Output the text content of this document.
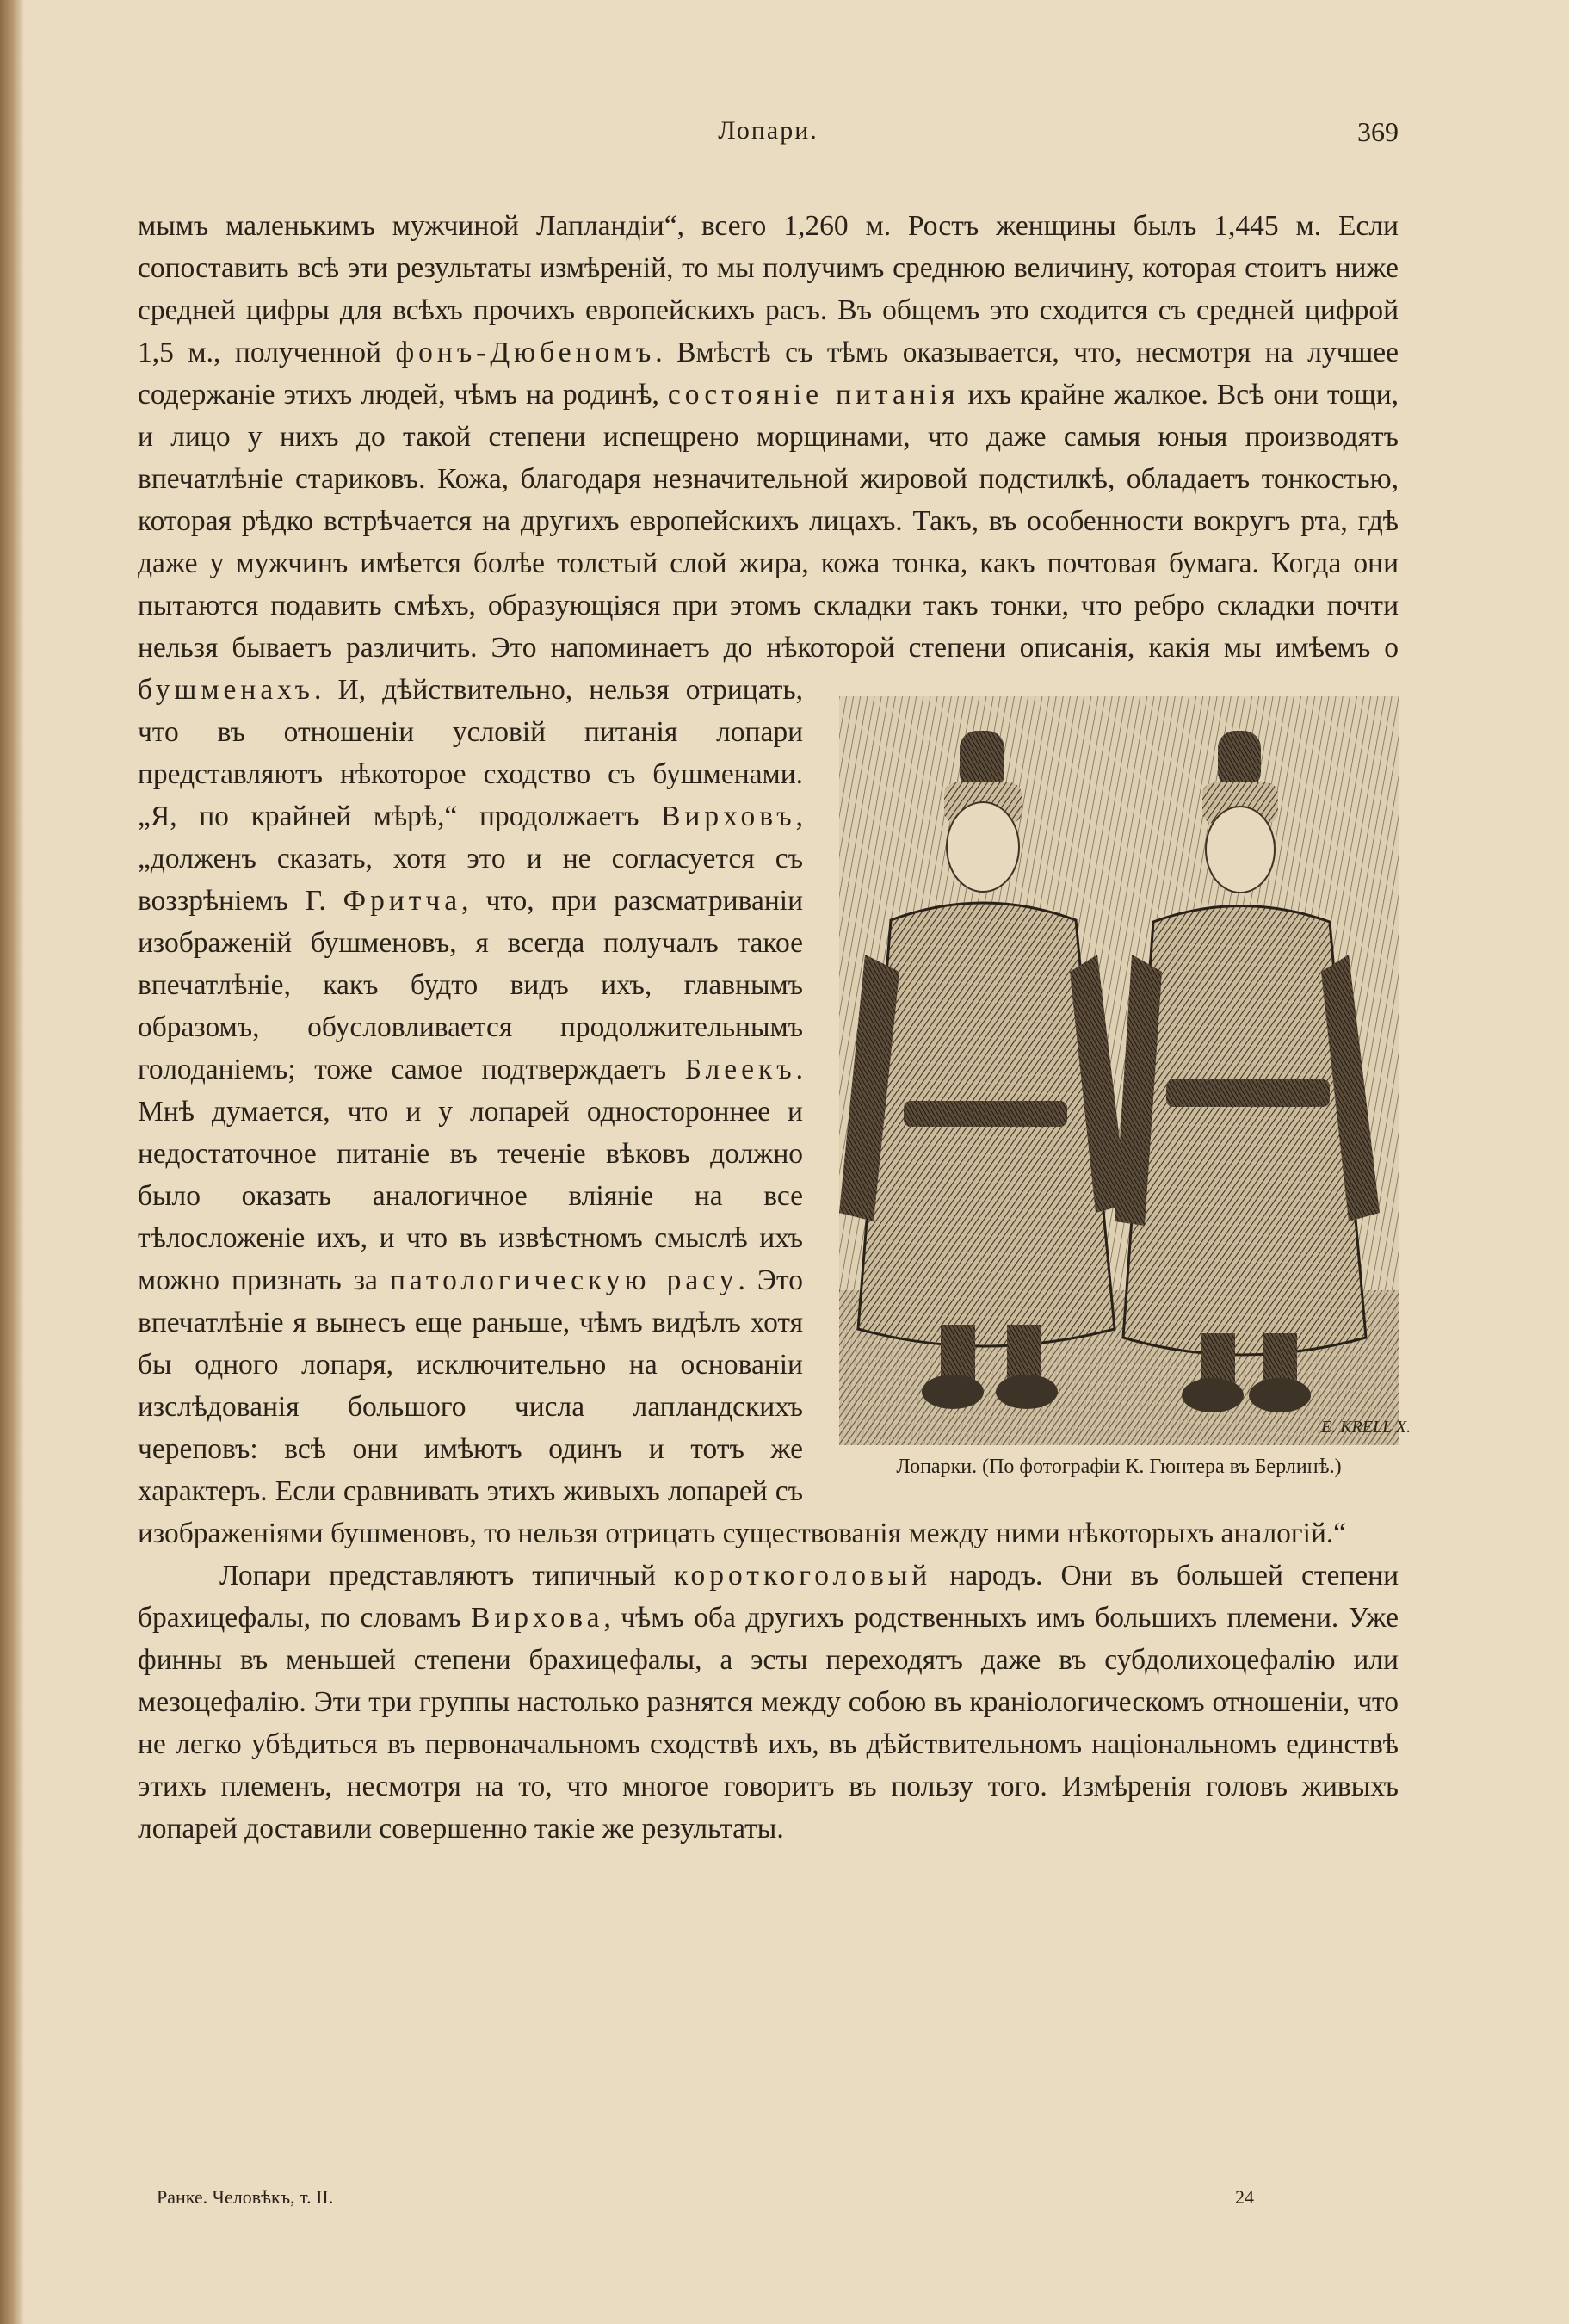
Лопари.	369

мымъ маленькимъ мужчиной Лапландіи“, всего 1,260 м. Ростъ женщины былъ 1,445 м. Если сопоставить всѣ эти результаты измѣреній, то мы получимъ среднюю величину, которая стоитъ ниже средней цифры для всѣхъ прочихъ европейскихъ расъ. Въ общемъ это сходится съ средней цифрой 1,5 м., полученной фонъ-Дюбеномъ. Вмѣстѣ съ тѣмъ оказывается, что, несмотря на лучшее содержаніе этихъ людей, чѣмъ на родинѣ, состояніе питанія ихъ крайне жалкое. Всѣ они тощи, и лицо у нихъ до такой степени испещрено морщинами, что даже самыя юныя производятъ впечатлѣніе стариковъ. Кожа, благодаря незначительной жировой подстилкѣ, обладаетъ тонкостью, которая рѣдко встрѣчается на другихъ европейскихъ лицахъ. Такъ, въ особенности вокругъ рта, гдѣ даже у мужчинъ имѣется болѣе толстый слой жира, кожа тонка, какъ почтовая бумага. Когда они пытаются подавить смѣхъ, образующіяся при этомъ складки такъ тонки, что ребро складки почти нельзя бываетъ различить. Это напоминаетъ до нѣкоторой степени описанія, какія мы имѣемъ о
E. KRELL X.
Лопарки. (По фотографіи К. Гюнтера въ Берлинѣ.)
бушменахъ. И, дѣйствительно, нельзя отрицать, что въ отношеніи условій питанія лопари представляютъ нѣкоторое сходство съ бушменами. „Я, по крайней мѣрѣ,“ продолжаетъ Вирховъ, „долженъ сказать, хотя это и не согласуется съ воззрѣніемъ Г. Фритча, что, при разсматриваніи изображеній бушменовъ, я всегда получалъ такое впечатлѣніе, какъ будто видъ ихъ, главнымъ образомъ, обусловливается продолжительнымъ голоданіемъ; тоже самое подтверждаетъ Блеекъ. Мнѣ думается, что и у лопарей одностороннее и недостаточное питаніе въ теченіе вѣковъ должно было оказать аналогичное вліяніе на все тѣлосложеніе ихъ, и что въ извѣстномъ смыслѣ ихъ можно признать за патологическую расу. Это впечатлѣніе я вынесъ еще раньше, чѣмъ видѣлъ хотя бы одного лопаря, исключительно на основаніи изслѣдованія большого числа лапландскихъ череповъ: всѣ они имѣютъ одинъ и тотъ же характеръ. Если сравнивать этихъ живыхъ лопарей съ изображеніями бушменовъ, то нельзя отрицать существованія между ними нѣкоторыхъ аналогій.“

Лопари представляютъ типичный короткоголовый народъ. Они въ большей степени брахицефалы, по словамъ Вирхова, чѣмъ оба другихъ родственныхъ имъ большихъ племени. Уже финны въ меньшей степени брахицефалы, а эсты переходятъ даже въ субдолихоцефалію или мезоцефалію. Эти три группы настолько разнятся между собою въ краніологическомъ отношеніи, что не легко убѣдиться въ первоначальномъ сходствѣ ихъ, въ дѣйствительномъ національномъ единствѣ этихъ племенъ, несмотря на то, что многое говоритъ въ пользу того. Измѣренія головъ живыхъ лопарей доставили совершенно такіе же результаты.

Ранке. Человѣкъ, т. II.	24
